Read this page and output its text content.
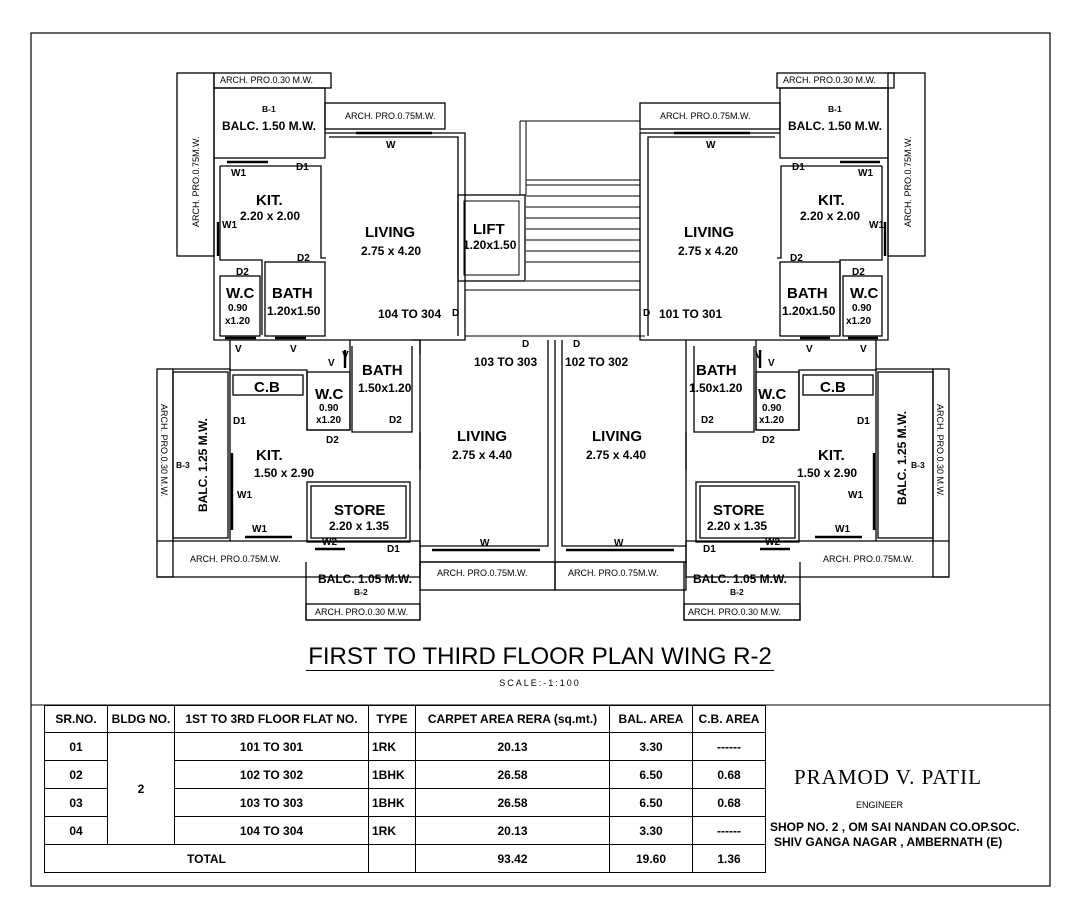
ARCH. PRO.0.30 M.W.
ARCH. PRO.0.75M.W.
ARCH. PRO.0.75M.W.
B-1
BALC. 1.50 M.W.
W1
D1
W1
KIT.
2.20 x 2.00
W
LIVING
2.75 x 4.20
D2
D2
W.C
0.90
x1.20
BATH
1.20x1.50	104 TO 304 D
V	V
LIFT
1.20x1.50
ARCH. PRO.0.30 M.W.
ARCH. PRO.0.75M.W.
ARCH. PRO.0.75M.W.
B-1
BALC. 1.50 M.W.
D1
W1
W1
KIT.
2.20 x 2.00
W
LIVING
2.75 x 4.20
D2
D2
BATH
1.20x1.50
W.C
0.90
x1.20
D 101 TO 301
V	V
D	D
103 TO 303 102 TO 302
ARCH. PRO.0.30 M.W. BALC. 1.25 M.W.
B-3
C.B
D1
KIT.
1.50 x 2.90
W1
W1
W.C
0.90
x1.20
D2
V
V
BATH
1.50x1.20
D2
LIVING
2.75 x 4.40
STORE
2.20 x 1.35
W2
D1
W
ARCH. PRO.0.75M.W.
BALC. 1.05 M.W.
B-2
ARCH. PRO.0.30 M.W.
ARCH. PRO.0.75M.W.
ARCH. PRO.0.30 M.W.
BALC. 1.25 M.W. B-3
C.B
D1
KIT.
1.50 x 2.90
W1
W1
W.C
0.90
x1.20
D2
V
V
BATH
1.50x1.20
D2
LIVING
2.75 x 4.40
STORE
2.20 x 1.35
D1
W2
W
ARCH. PRO.0.75M.W.
BALC. 1.05 M.W.
B-2
ARCH. PRO.0.30 M.W.
ARCH. PRO.0.75M.W.
FIRST TO THIRD FLOOR PLAN WING R-2
SCALE:-1:100
SR.NO.	BLDG NO.	1ST TO 3RD FLOOR FLAT NO.	TYPE	CARPET AREA RERA (sq.mt.)	BAL. AREA	C.B. AREA
01	2	101 TO 301	1RK	20.13	3.30	------
02		102 TO 302	1BHK	26.58	6.50	0.68
03		103 TO 303	1BHK	26.58	6.50	0.68
04		104 TO 304	1RK	20.13	3.30	------
TOTAL				93.42	19.60	1.36
PRAMOD V. PATIL
ENGINEER
SHOP NO. 2 , OM SAI NANDAN CO.OP.SOC.
SHIV GANGA NAGAR , AMBERNATH (E)
